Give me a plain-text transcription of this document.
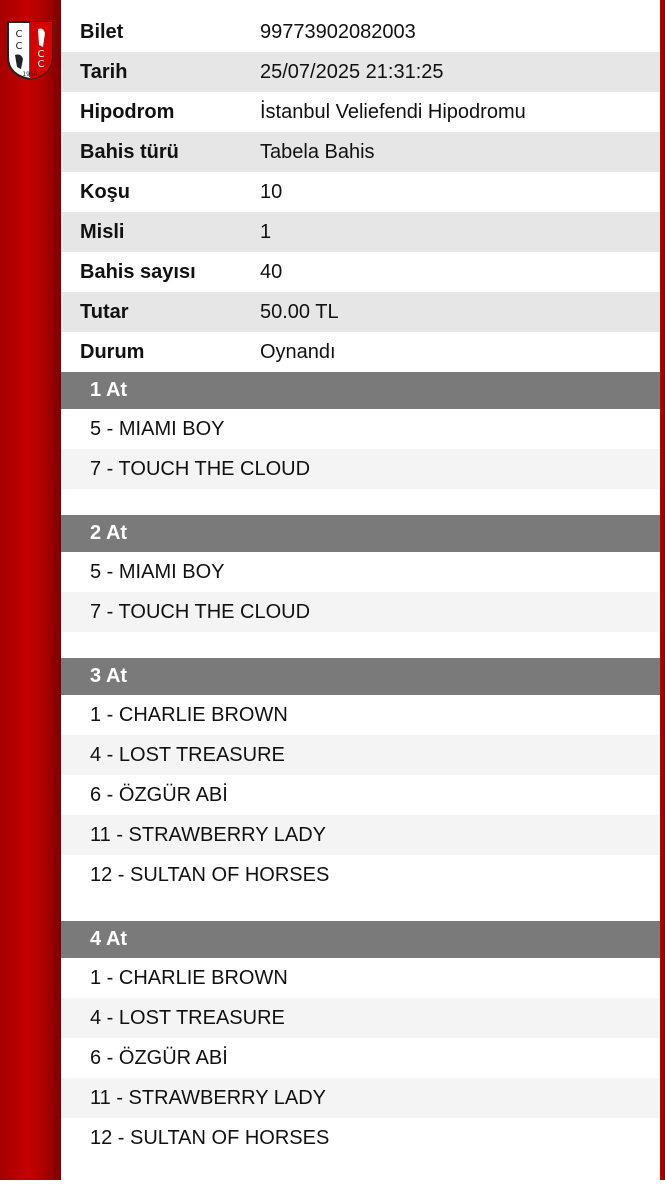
C
C
C
C
1950
Bilet	99773902082003
Tarih	25/07/2025 21:31:25
Hipodrom	İstanbul Veliefendi Hipodromu
Bahis türü	Tabela Bahis
Koşu	10
Misli	1
Bahis sayısı	40
Tutar	50.00 TL
Durum	Oynandı
1 At
5 - MIAMI BOY
7 - TOUCH THE CLOUD
2 At
5 - MIAMI BOY
7 - TOUCH THE CLOUD
3 At
1 - CHARLIE BROWN
4 - LOST TREASURE
6 - ÖZGÜR ABİ
11 - STRAWBERRY LADY
12 - SULTAN OF HORSES
4 At
1 - CHARLIE BROWN
4 - LOST TREASURE
6 - ÖZGÜR ABİ
11 - STRAWBERRY LADY
12 - SULTAN OF HORSES
